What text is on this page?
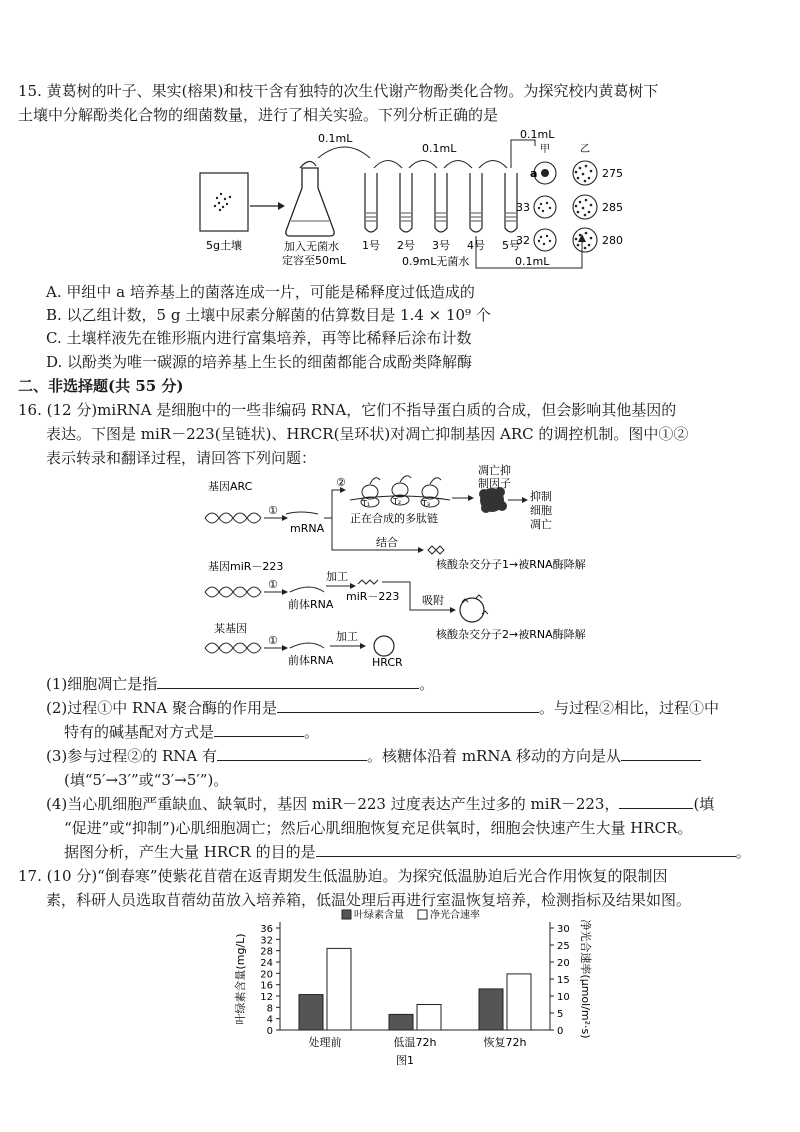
15. 黄葛树的叶子、果实(榕果)和枝干含有独特的次生代谢产物酚类化合物。为探究校内黄葛树下
土壤中分解酚类化合物的细菌数量，进行了相关实验。下列分析正确的是
5g土壤	加入无菌水
定容至50mL
0.1mL
0.1mL
1号 2号 3号 4号 5号
0.9mL无菌水
0.1mL
0.1mL
甲	乙
a
33
32
275
285
280
A. 甲组中 a 培养基上的菌落连成一片，可能是稀释度过低造成的
B. 以乙组计数，5 g 土壤中尿素分解菌的估算数目是 1.4 × 10⁹ 个
C. 土壤样液先在锥形瓶内进行富集培养，再等比稀释后涂布计数
D. 以酚类为唯一碳源的培养基上生长的细菌都能合成酚类降解酶
二、非选择题(共 55 分)
16. (12 分)miRNA 是细胞中的一些非编码 RNA，它们不指导蛋白质的合成，但会影响其他基因的
表达。下图是 miR－223(呈链状)、HRCR(呈环状)对凋亡抑制基因 ARC 的调控机制。图中①②
表示转录和翻译过程，请回答下列问题：
基因ARC
①
mRNA
②
T₁	T₂	T₃
正在合成的多肽链
凋亡抑
制因子
抑制
细胞
凋亡
结合
核酸杂交分子1→被RNA酶降解
基因miR－223
①
前体RNA
加工
miR－223 吸附
核酸杂交分子2→被RNA酶降解
某基因
①
前体RNA
加工
HRCR
(1)细胞凋亡是指	。
(2)过程①中 RNA 聚合酶的作用是	。与过程②相比，过程①中
特有的碱基配对方式是	。
(3)参与过程②的 RNA 有	。核糖体沿着 mRNA 移动的方向是从
(填“5′→3′”或“3′→5′”)。
(4)当心肌细胞严重缺血、缺氧时，基因 miR－223 过度表达产生过多的 miR－223，	(填
“促进”或“抑制”)心肌细胞凋亡；然后心肌细胞恢复充足供氧时，细胞会快速产生大量 HRCR。
据图分析，产生大量 HRCR 的目的是	。
17. (10 分)“倒春寒”使紫花苜蓿在返青期发生低温胁迫。为探究低温胁迫后光合作用恢复的限制因
素，科研人员选取苜蓿幼苗放入培养箱，低温处理后再进行室温恢复培养，检测指标及结果如图。
0
4
8
12
16
20
24
28
32
36
0
5
10
15
20
25
30
叶绿素含量(mg/L)	净光合速率(μmol/m²·s)
处理前	低温72h	恢复72h
叶绿素含量	净光合速率
图1
